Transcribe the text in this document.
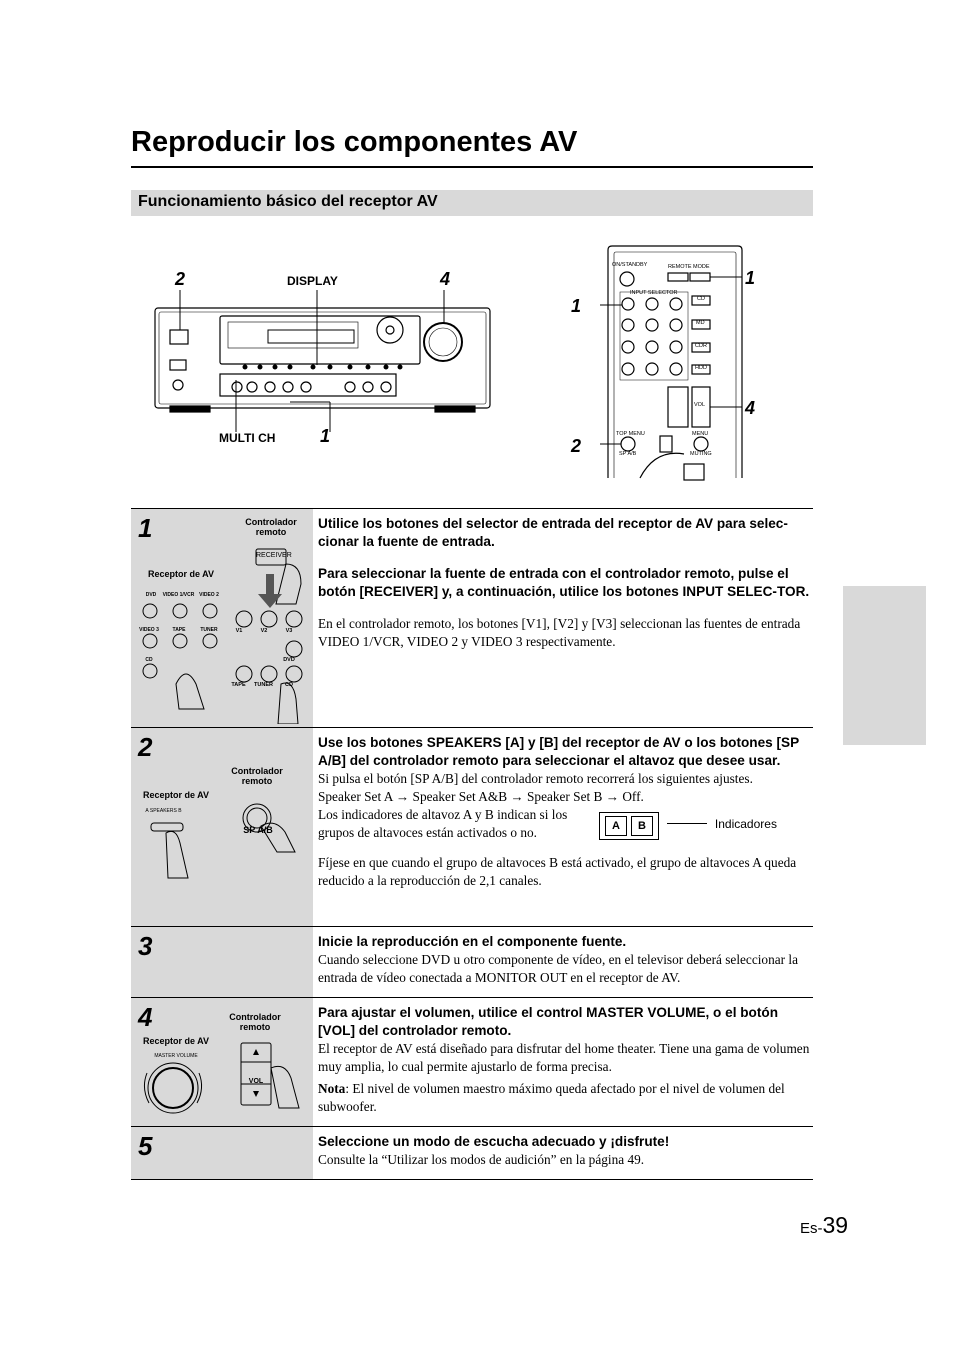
Reproducir los componentes AV
Funcionamiento básico del receptor AV
2	4
1
DISPLAY
MULTI CH
ON/STANDBY	REMOTE MODE
INPUT SELECTOR
CD
MD
CDR
HDD
VOL
TOP MENU
SP A/B
MENU
MUTING
1
1
4
2
1	Controlador remoto
Receptor de AV
RECEIVER
DVD	VIDEO 1/VCR VIDEO 2
VIDEO 3	TAPE	TUNER
CD
V1	V2	V3
DVD
TAPE	TUNER	CD

Utilice los botones del selector de entrada del receptor de AV para selec-cionar la fuente de entrada.

Para seleccionar la fuente de entrada con el controlador remoto, pulse el botón [RECEIVER] y, a continuación, utilice los botones INPUT SELEC-TOR.

En el controlador remoto, los botones [V1], [V2] y [V3] seleccionan las fuentes de entrada VIDEO 1/VCR, VIDEO 2 y VIDEO 3 respectivamente.

2
Controlador remoto
Receptor de AV
A SPEAKERS B
SP A/B

Use los botones SPEAKERS [A] y [B] del receptor de AV o los botones [SP A/B] del controlador remoto para seleccionar el altavoz que desee usar.

Si pulsa el botón [SP A/B] del controlador remoto recorrerá los siguientes ajustes.

Speaker Set A → Speaker Set A&B → Speaker Set B → Off.

Los indicadores de altavoz A y B indican si los grupos de altavoces están activados o no.	A	B	Indicadores

Fíjese en que cuando el grupo de altavoces B está activado, el grupo de altavoces A queda reducido a la reproducción de 2,1 canales.

3	Inicie la reproducción en el componente fuente.

Cuando seleccione DVD u otro componente de vídeo, en el televisor deberá seleccionar la entrada de vídeo conectada a MONITOR OUT en el receptor de AV.

4	Controlador remoto
Receptor de AV
MASTER VOLUME
VOL

Para ajustar el volumen, utilice el control MASTER VOLUME, o el botón [VOL] del controlador remoto.

El receptor de AV está diseñado para disfrutar del home theater. Tiene una gama de volumen muy amplia, lo cual permite ajustarlo de forma precisa.

Nota: El nivel de volumen maestro máximo queda afectado por el nivel de volumen del subwoofer.

5	Seleccione un modo de escucha adecuado y ¡disfrute!

Consulte la “Utilizar los modos de audición” en la página 49.

Es-39
